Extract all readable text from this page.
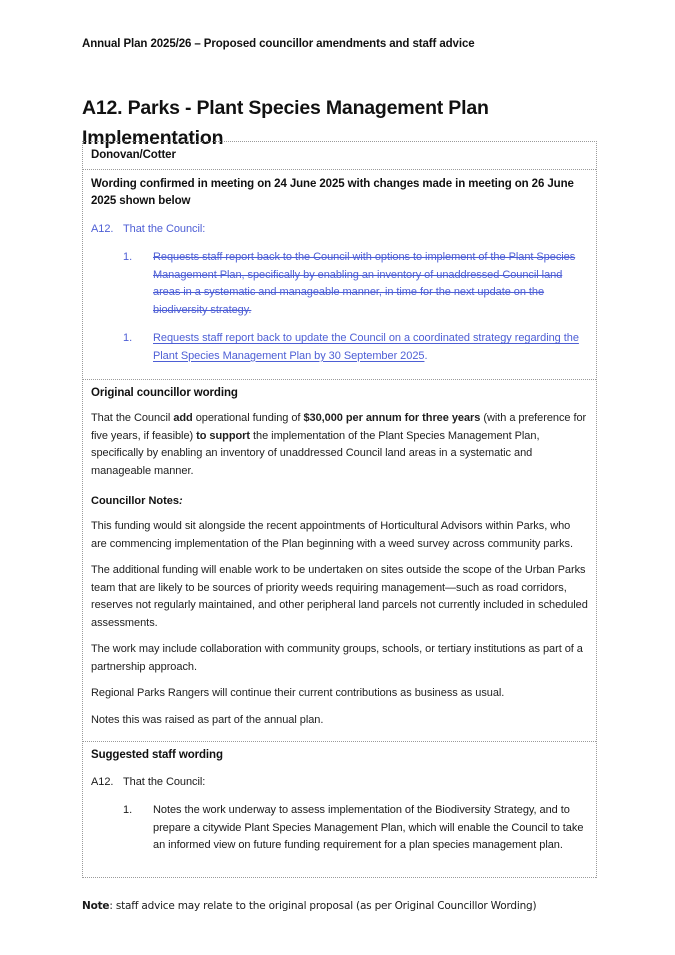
Annual Plan 2025/26 – Proposed councillor amendments and staff advice
A12. Parks - Plant Species Management Plan Implementation
Donovan/Cotter
Wording confirmed in meeting on 24 June 2025 with changes made in meeting on 26 June 2025 shown below
A12. That the Council:
1.	Requests staff report back to the Council with options to implement of the Plant Species Management Plan, specifically by enabling an inventory of unaddressed Council land areas in a systematic and manageable manner, in time for the next update on the biodiversity strategy.
1.	Requests staff report back to update the Council on a coordinated strategy regarding the Plant Species Management Plan by 30 September 2025.
Original councillor wording

That the Council add operational funding of $30,000 per annum for three years (with a preference for five years, if feasible) to support the implementation of the Plant Species Management Plan, specifically by enabling an inventory of unaddressed Council land areas in a systematic and manageable manner.

Councillor Notes:

This funding would sit alongside the recent appointments of Horticultural Advisors within Parks, who are commencing implementation of the Plan beginning with a weed survey across community parks.

The additional funding will enable work to be undertaken on sites outside the scope of the Urban Parks team that are likely to be sources of priority weeds requiring management—such as road corridors, reserves not regularly maintained, and other peripheral land parcels not currently included in scheduled assessments.

The work may include collaboration with community groups, schools, or tertiary institutions as part of a partnership approach.

Regional Parks Rangers will continue their current contributions as business as usual.

Notes this was raised as part of the annual plan.

Suggested staff wording
A12. That the Council:
1.	Notes the work underway to assess implementation of the Biodiversity Strategy, and to prepare a citywide Plant Species Management Plan, which will enable the Council to take an informed view on future funding requirement for a plan species management plan.
Note: staff advice may relate to the original proposal (as per Original Councillor Wording)
